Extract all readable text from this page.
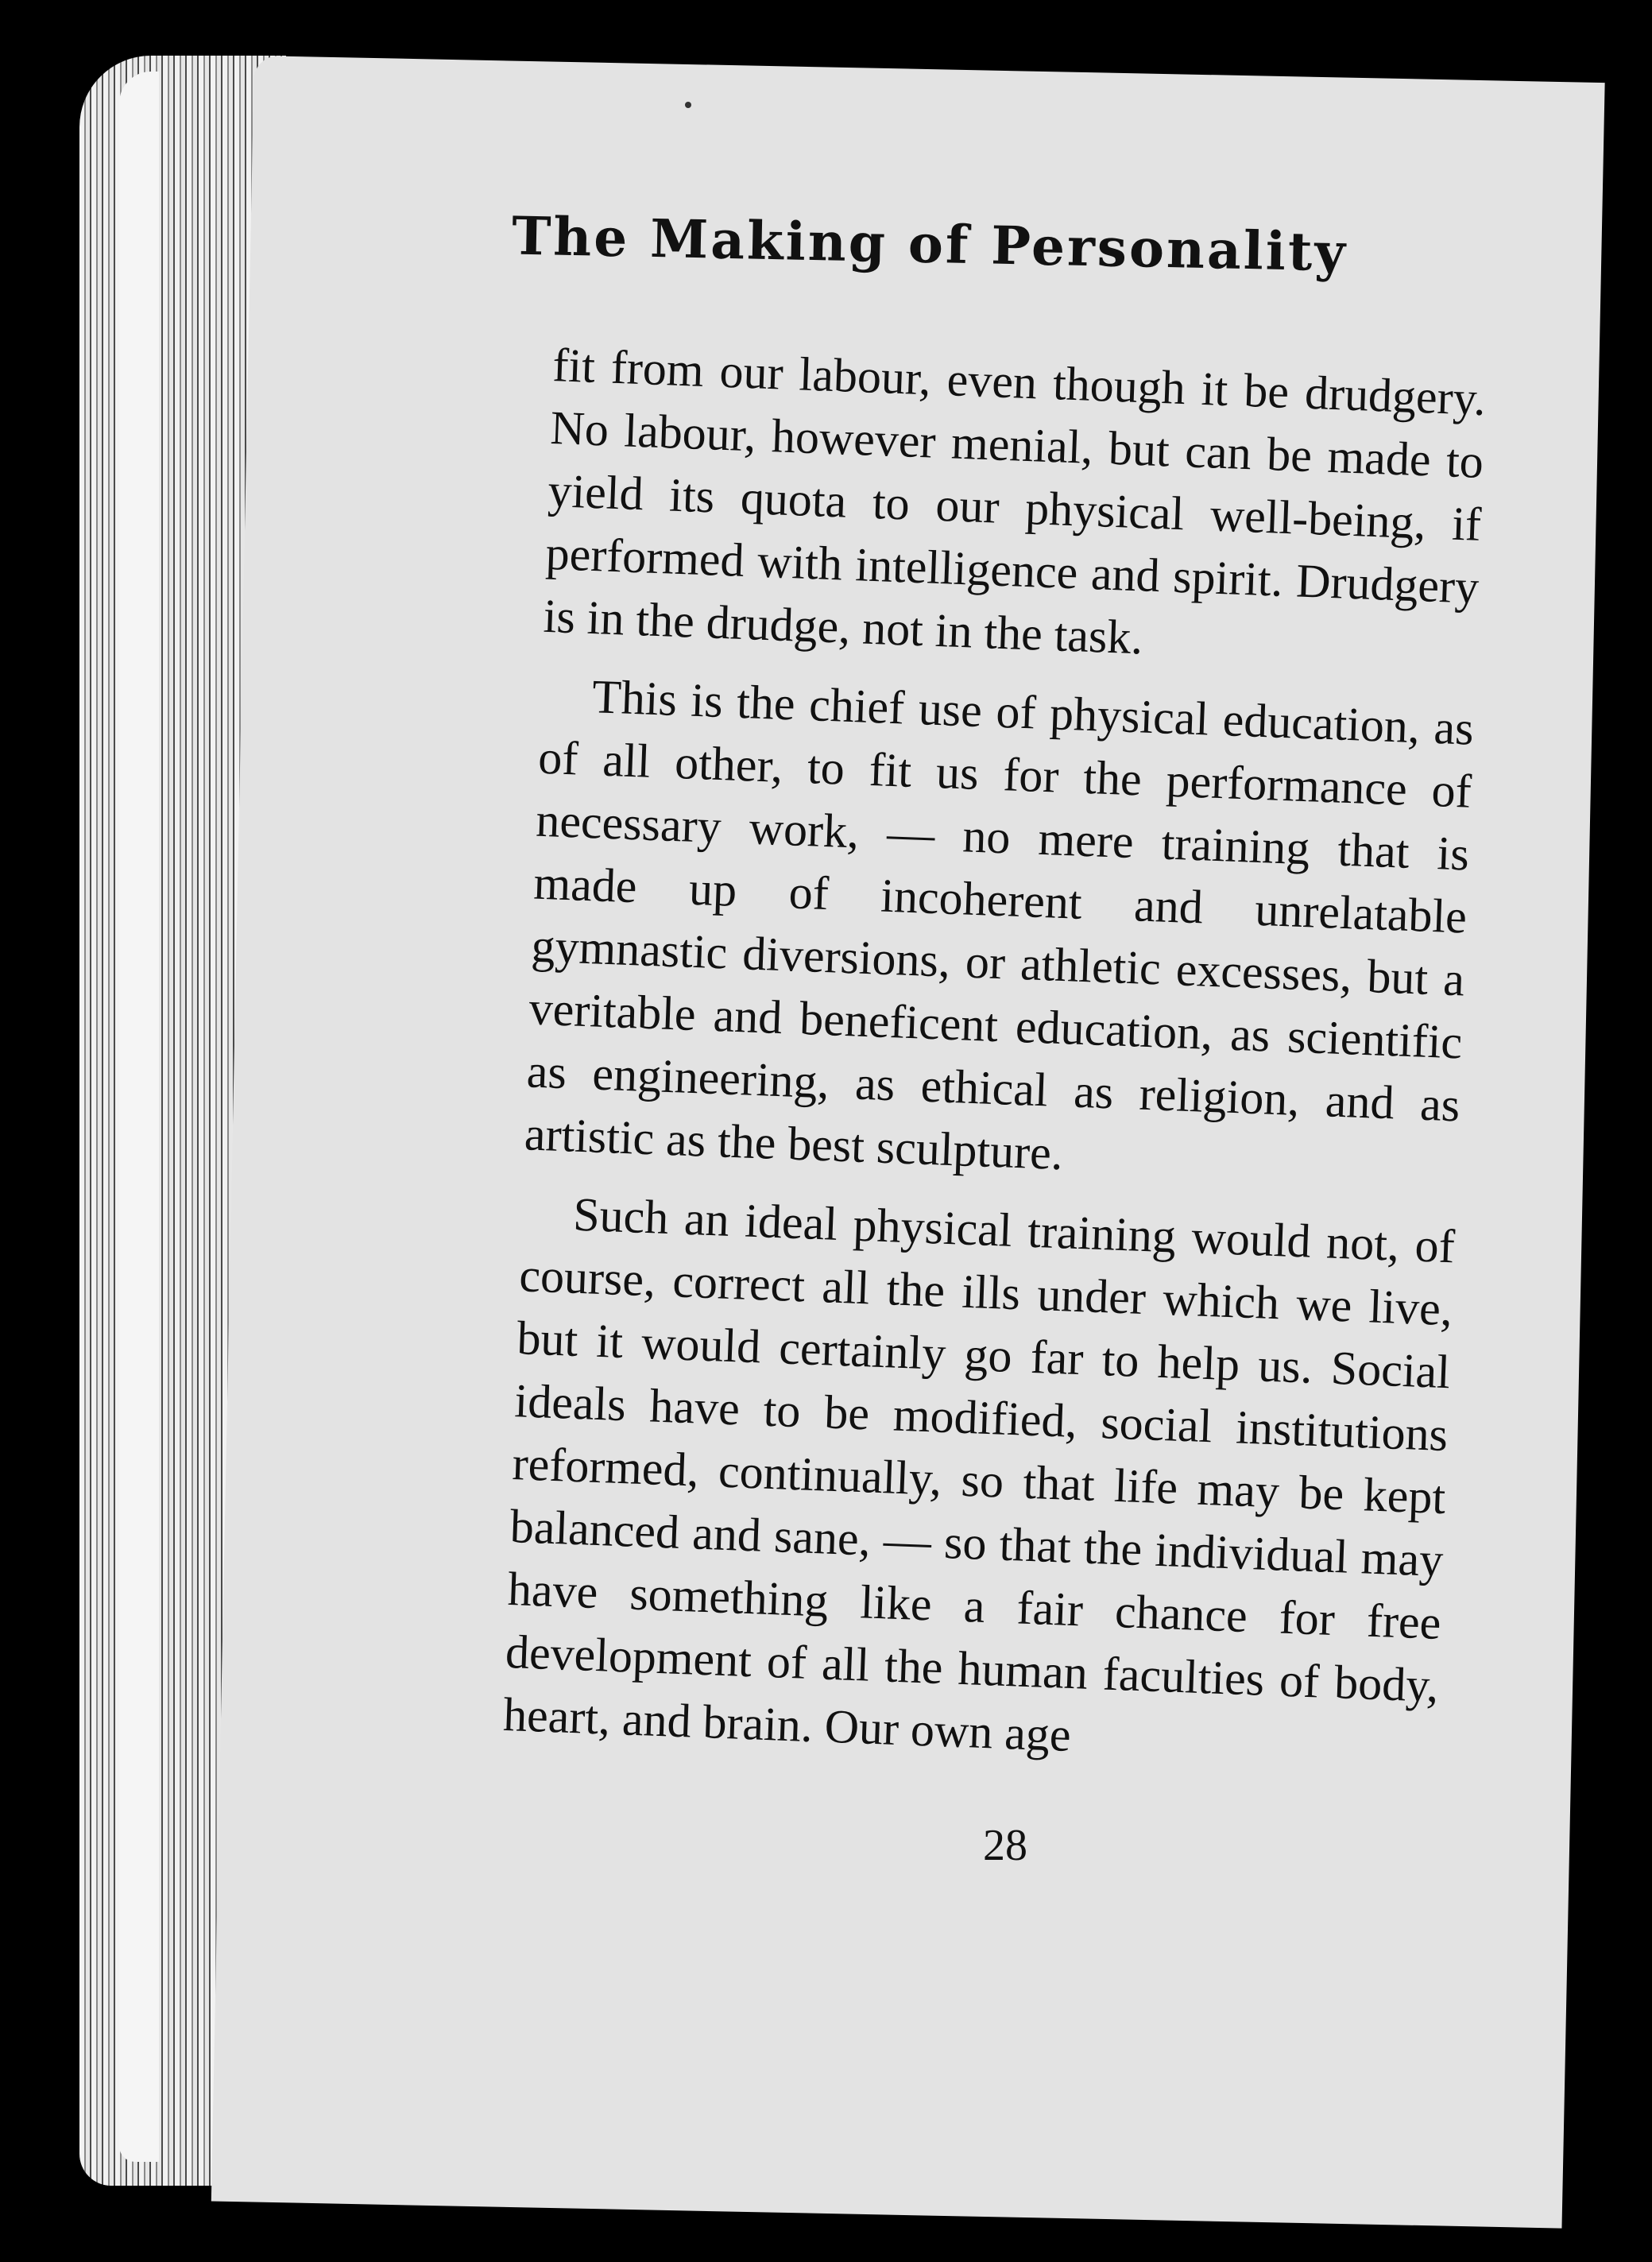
The Making of Personality

fit from our labour, even though it be drudgery. No labour, however menial, but can be made to yield its quota to our physical well-being, if performed with intelligence and spirit. Drudgery is in the drudge, not in the task.

This is the chief use of physical education, as of all other, to fit us for the performance of necessary work, — no mere training that is made up of incoherent and unrelatable gymnastic diversions, or athletic excesses, but a veritable and beneficent education, as scientific as engineering, as ethical as religion, and as artistic as the best sculpture.

Such an ideal physical training would not, of course, correct all the ills under which we live, but it would certainly go far to help us. Social ideals have to be modified, social institutions reformed, continually, so that life may be kept balanced and sane, — so that the individual may have something like a fair chance for free development of all the human faculties of body, heart, and brain. Our own age

28
